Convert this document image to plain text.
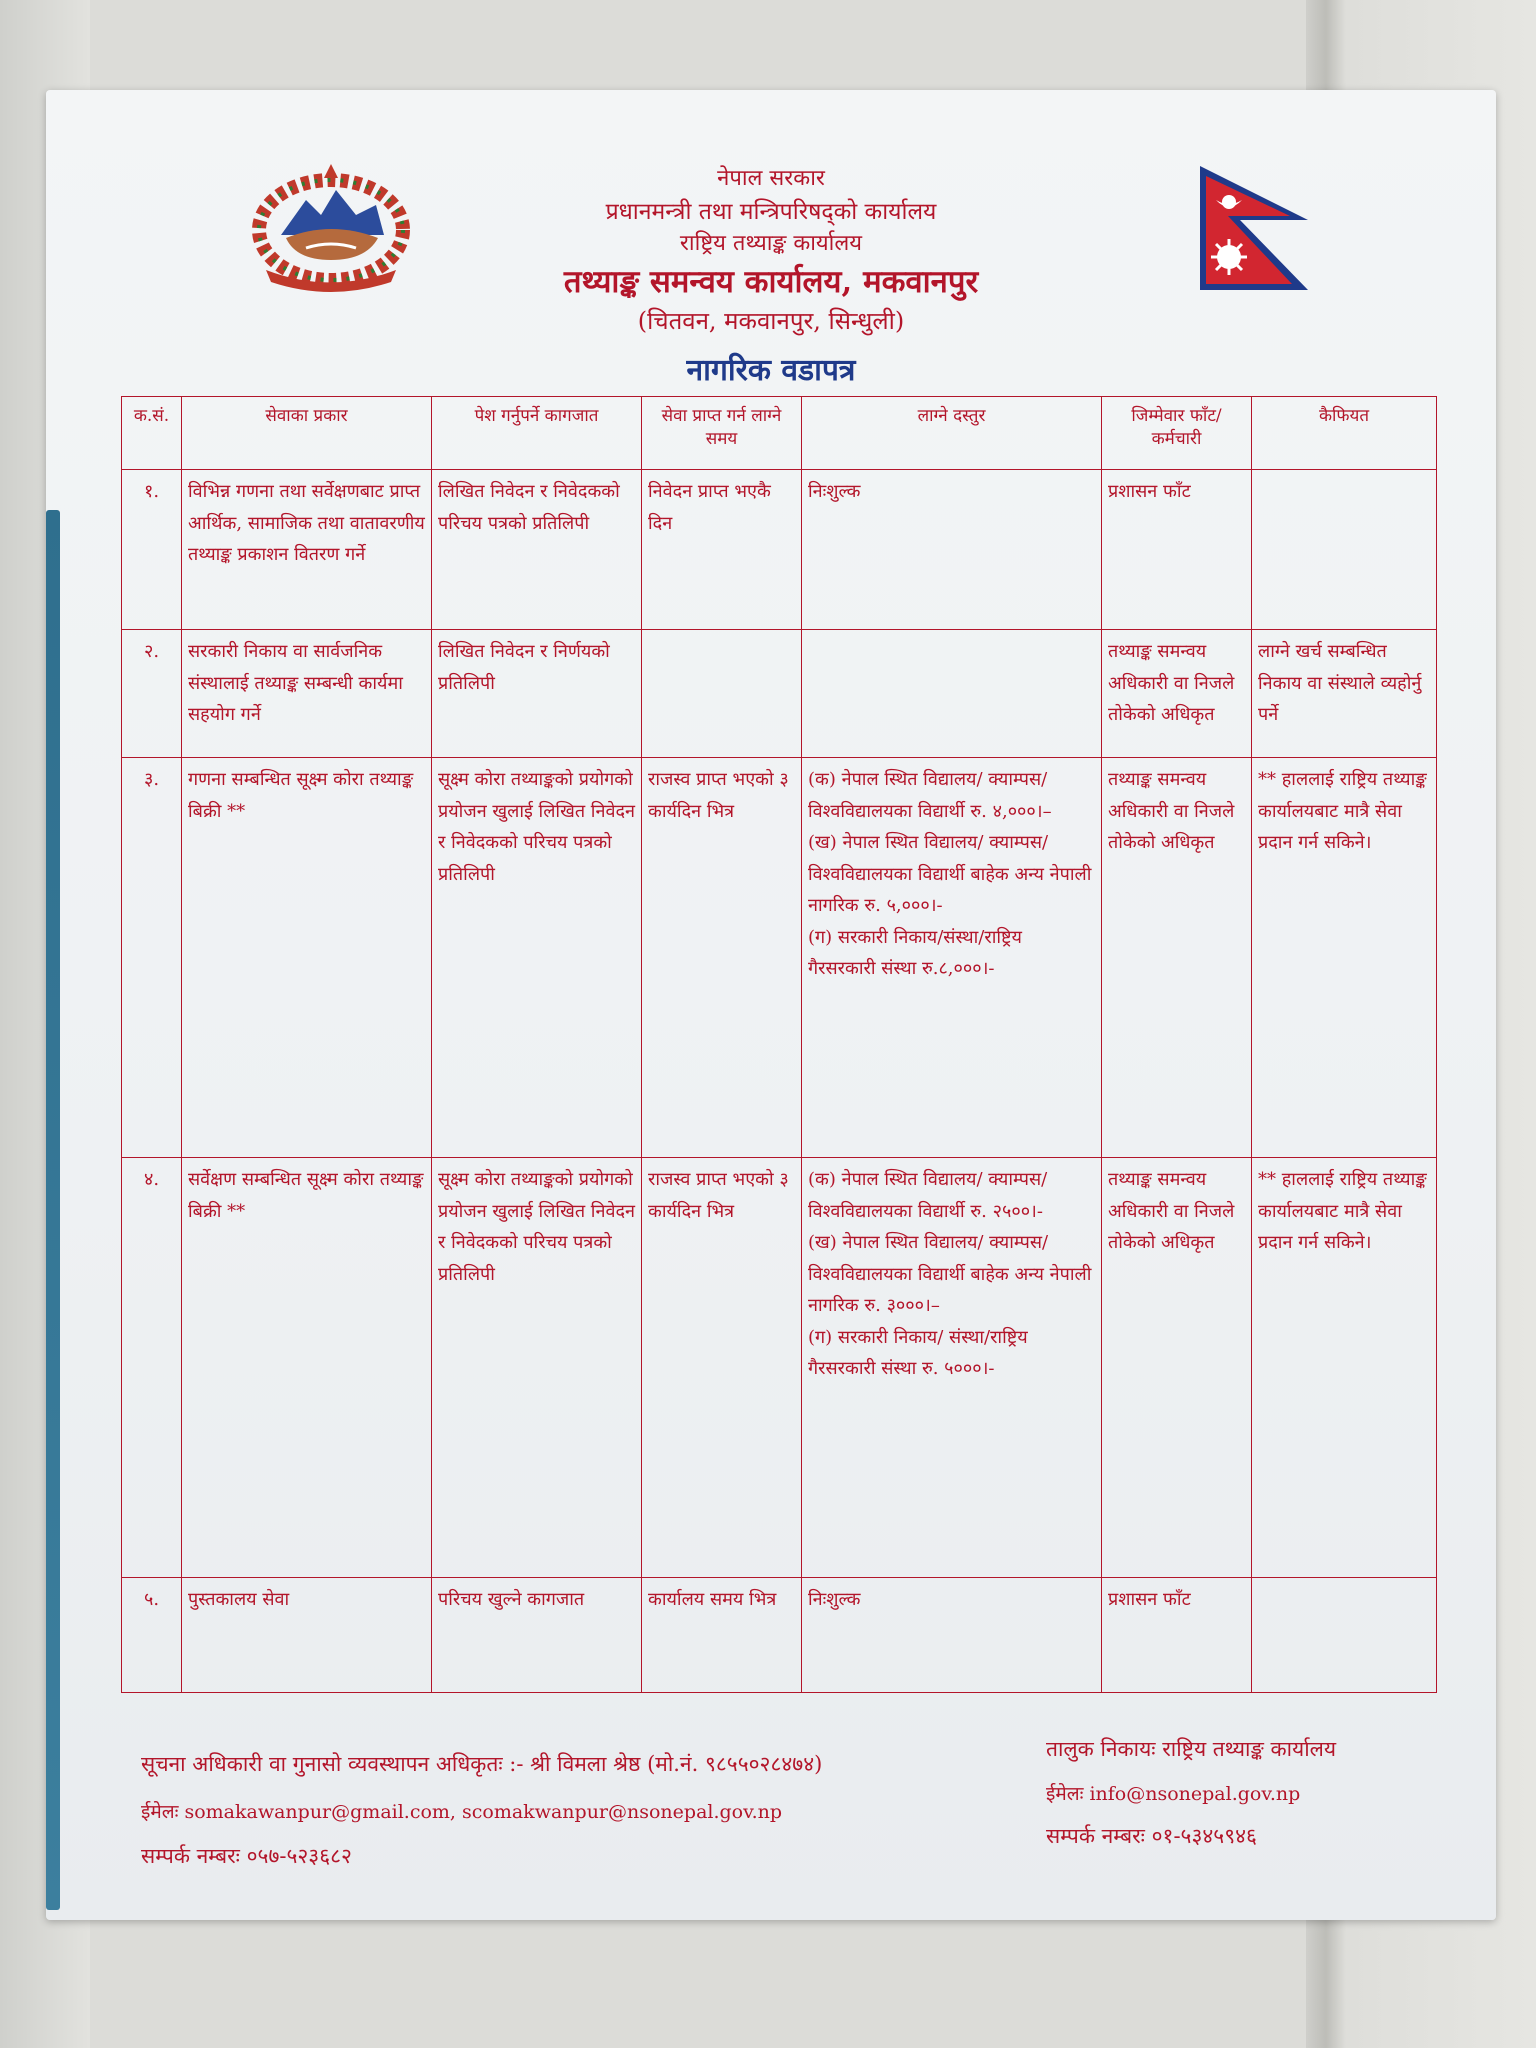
नेपाल सरकार
प्रधानमन्त्री तथा मन्त्रिपरिषद्को कार्यालय
राष्ट्रिय तथ्याङ्क कार्यालय
तथ्याङ्क समन्वय कार्यालय, मकवानपुर
(चितवन, मकवानपुर, सिन्धुली)
नागरिक वडापत्र
क.सं.	सेवाका प्रकार	पेश गर्नुपर्ने कागजात	सेवा प्राप्त गर्न लाग्ने समय	लाग्ने दस्तुर	जिम्मेवार फाँट/कर्मचारी	कैफियत
१.	विभिन्न गणना तथा सर्वेक्षणबाट प्राप्त आर्थिक, सामाजिक तथा वातावरणीय तथ्याङ्क प्रकाशन वितरण गर्ने	लिखित निवेदन र निवेदकको परिचय पत्रको प्रतिलिपी	निवेदन प्राप्त भएकै दिन	निःशुल्क	प्रशासन फाँट	
२.	सरकारी निकाय वा सार्वजनिक संस्थालाई तथ्याङ्क सम्बन्धी कार्यमा सहयोग गर्ने	लिखित निवेदन र निर्णयको प्रतिलिपी			तथ्याङ्क समन्वय अधिकारी वा निजले तोकेको अधिकृत	लाग्ने खर्च सम्बन्धित निकाय वा संस्थाले व्यहोर्नु पर्ने
३.	गणना सम्बन्धित सूक्ष्म कोरा तथ्याङ्क बिक्री **	सूक्ष्म कोरा तथ्याङ्कको प्रयोगको प्रयोजन खुलाई लिखित निवेदन र निवेदकको परिचय पत्रको प्रतिलिपी	राजस्व प्राप्त भएको ३ कार्यदिन भित्र	(क) नेपाल स्थित विद्यालय/ क्याम्पस/ विश्वविद्यालयका विद्यार्थी रु. ४,०००।–
(ख) नेपाल स्थित विद्यालय/ क्याम्पस/ विश्वविद्यालयका विद्यार्थी बाहेक अन्य नेपाली नागरिक रु. ५,०००।-
(ग) सरकारी निकाय/संस्था/राष्ट्रिय गैरसरकारी संस्था रु.८,०००।-	तथ्याङ्क समन्वय अधिकारी वा निजले तोकेको अधिकृत	** हाललाई राष्ट्रिय तथ्याङ्क कार्यालयबाट मात्रै सेवा प्रदान गर्न सकिने।
४.	सर्वेक्षण सम्बन्धित सूक्ष्म कोरा तथ्याङ्क बिक्री **	सूक्ष्म कोरा तथ्याङ्कको प्रयोगको प्रयोजन खुलाई लिखित निवेदन र निवेदकको परिचय पत्रको प्रतिलिपी	राजस्व प्राप्त भएको ३ कार्यदिन भित्र	(क) नेपाल स्थित विद्यालय/ क्याम्पस/विश्वविद्यालयका विद्यार्थी रु. २५००।-
(ख) नेपाल स्थित विद्यालय/ क्याम्पस/विश्वविद्यालयका विद्यार्थी बाहेक अन्य नेपाली नागरिक रु. ३०००।–
(ग) सरकारी निकाय/ संस्था/राष्ट्रिय गैरसरकारी संस्था रु. ५०००।-	तथ्याङ्क समन्वय अधिकारी वा निजले तोकेको अधिकृत	** हाललाई राष्ट्रिय तथ्याङ्क कार्यालयबाट मात्रै सेवा प्रदान गर्न सकिने।
५.	पुस्तकालय सेवा	परिचय खुल्ने कागजात	कार्यालय समय भित्र	निःशुल्क	प्रशासन फाँट	
सूचना अधिकारी वा गुनासो व्यवस्थापन अधिकृतः :- श्री विमला श्रेष्ठ (मो.नं. ९८५५०२८४७४)
ईमेलः somakawanpur@gmail.com, scomakwanpur@nsonepal.gov.np
सम्पर्क नम्बरः ०५७-५२३६८२
तालुक निकायः राष्ट्रिय तथ्याङ्क कार्यालय
ईमेलः info@nsonepal.gov.np
सम्पर्क नम्बरः ०१-५३४५९४६
